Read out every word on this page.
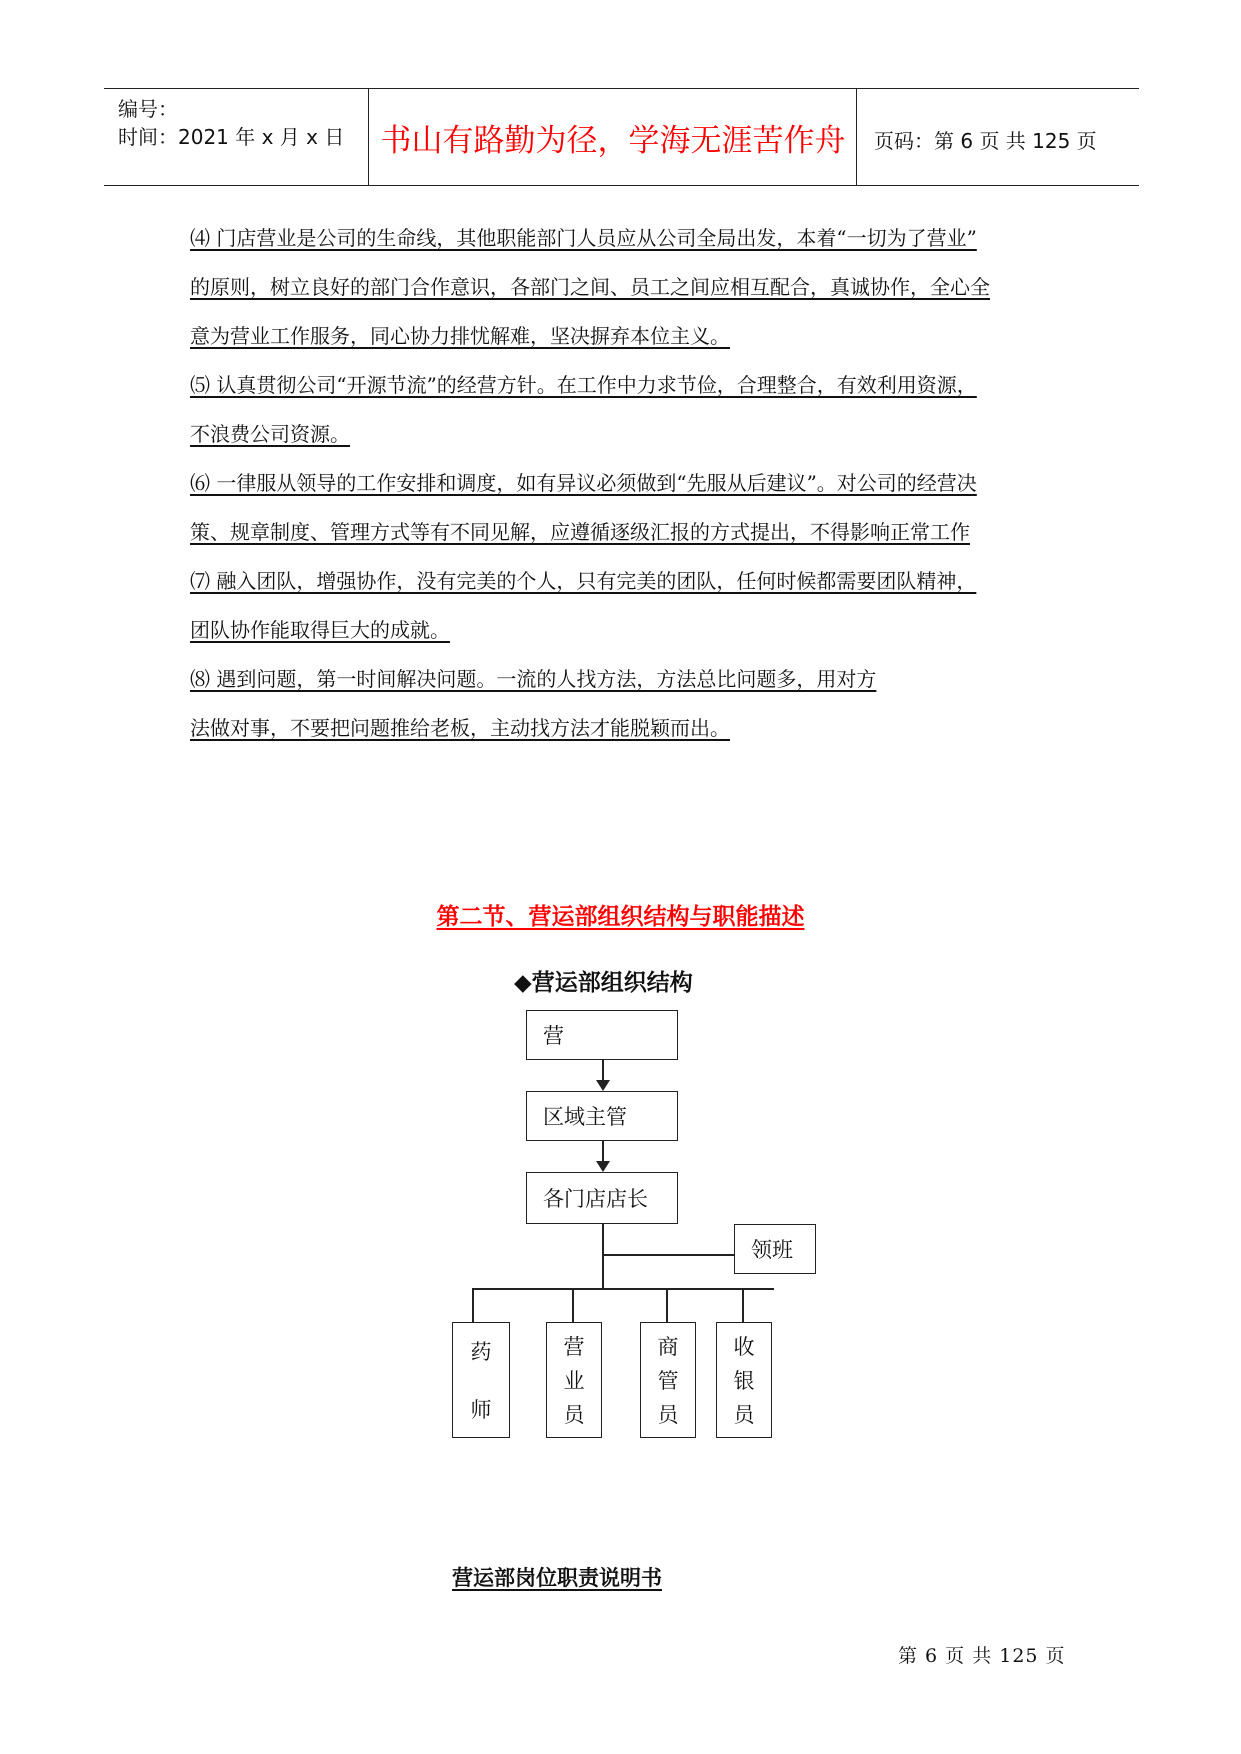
编号：
时间：2021 年 x 月 x 日	书山有路勤为径，学海无涯苦作舟	页码：第 6 页 共 125 页
⑷ 门店营业是公司的生命线，其他职能部门人员应从公司全局出发，本着“一切为了营业”
的原则，树立良好的部门合作意识，各部门之间、员工之间应相互配合，真诚协作，全心全
意为营业工作服务，同心协力排忧解难，坚决摒弃本位主义。
⑸ 认真贯彻公司“开源节流”的经营方针。在工作中力求节俭，合理整合，有效利用资源，
不浪费公司资源。
⑹ 一律服从领导的工作安排和调度，如有异议必须做到“先服从后建议”。对公司的经营决
策、规章制度、管理方式等有不同见解，应遵循逐级汇报的方式提出，不得影响正常工作
⑺ 融入团队，增强协作，没有完美的个人，只有完美的团队，任何时候都需要团队精神，
团队协作能取得巨大的成就。
⑻ 遇到问题，第一时间解决问题。一流的人找方法，方法总比问题多，用对方
法做对事，不要把问题推给老板，主动找方法才能脱颖而出。
第二节、营运部组织结构与职能描述
◆营运部组织结构
营
区域主管
各门店店长
领班
药
师
营
业
员
商
管
员
收
银
员
营运部岗位职责说明书
第 6 页 共 125 页
